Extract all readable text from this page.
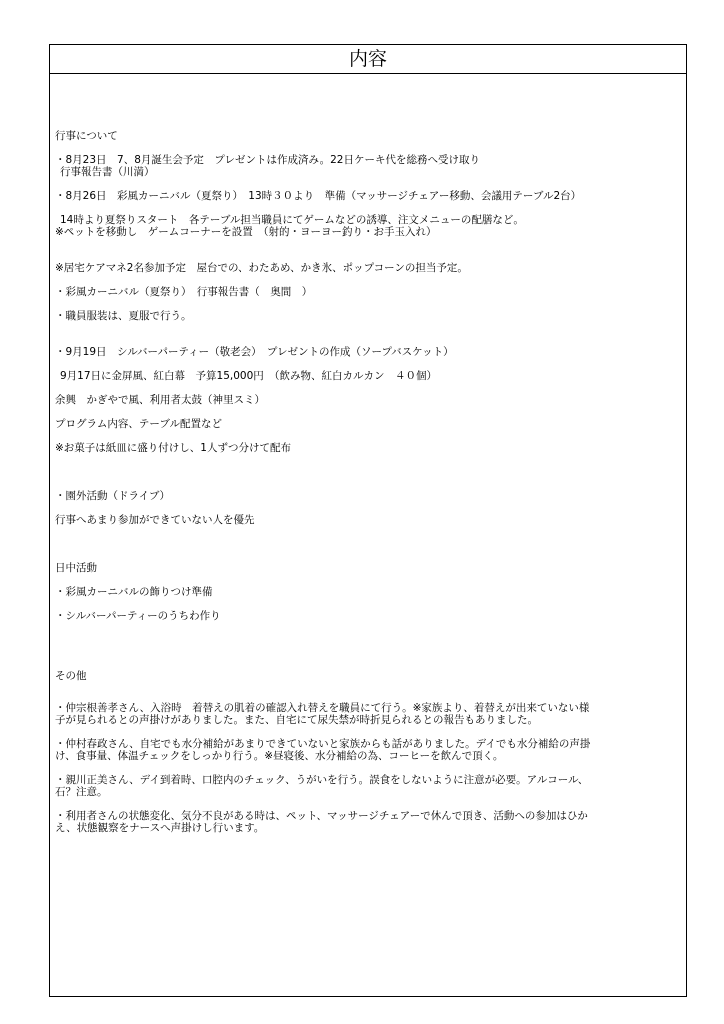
内容
行事について
・8月23日　7、8月誕生会予定　プレゼントは作成済み。22日ケーキ代を総務へ受け取り
行事報告書（川満）
・8月26日　彩風カーニバル（夏祭り）　13時３０より　準備（マッサージチェアー移動、会議用テーブル2台）
14時より夏祭りスタート　各テーブル担当職員にてゲームなどの誘導、注文メニューの配膳など。
※ペットを移動し　ゲームコーナーを設置　（射的・ヨーヨー釣り・お手玉入れ）
※居宅ケアマネ2名参加予定　屋台での、わたあめ、かき氷、ポップコーンの担当予定。
・彩風カーニバル（夏祭り）　行事報告書（　奥間　）
・職員服装は、夏服で行う。
・9月19日　シルバーパーティー（敬老会）　プレゼントの作成（ソープバスケット）
9月17日に金屏風、紅白幕　予算15,000円　（飲み物、紅白カルカン　４０個）
余興　かぎやで風、利用者太鼓（神里スミ）
プログラム内容、テーブル配置など
※お菓子は紙皿に盛り付けし、1人ずつ分けて配布
・園外活動（ドライブ）
行事へあまり参加ができていない人を優先
日中活動
・彩風カーニバルの飾りつけ準備
・シルバーパーティーのうちわ作り
その他
・仲宗根善孝さん、入浴時　着替えの肌着の確認入れ替えを職員にて行う。※家族より、着替えが出来ていない様
子が見られるとの声掛けがありました。また、自宅にて尿失禁が時折見られるとの報告もありました。
・仲村春政さん、自宅でも水分補給があまりできていないと家族からも話がありました。デイでも水分補給の声掛
け、食事量、体温チェックをしっかり行う。※昼寝後、水分補給の為、コーヒーを飲んで頂く。
・親川正美さん、デイ到着時、口腔内のチェック、うがいを行う。誤食をしないように注意が必要。アルコール、
石？注意。
・利用者さんの状態変化、気分不良がある時は、ペット、マッサージチェアーで休んで頂き、活動への参加はひか
え、状態観察をナースへ声掛けし行います。
